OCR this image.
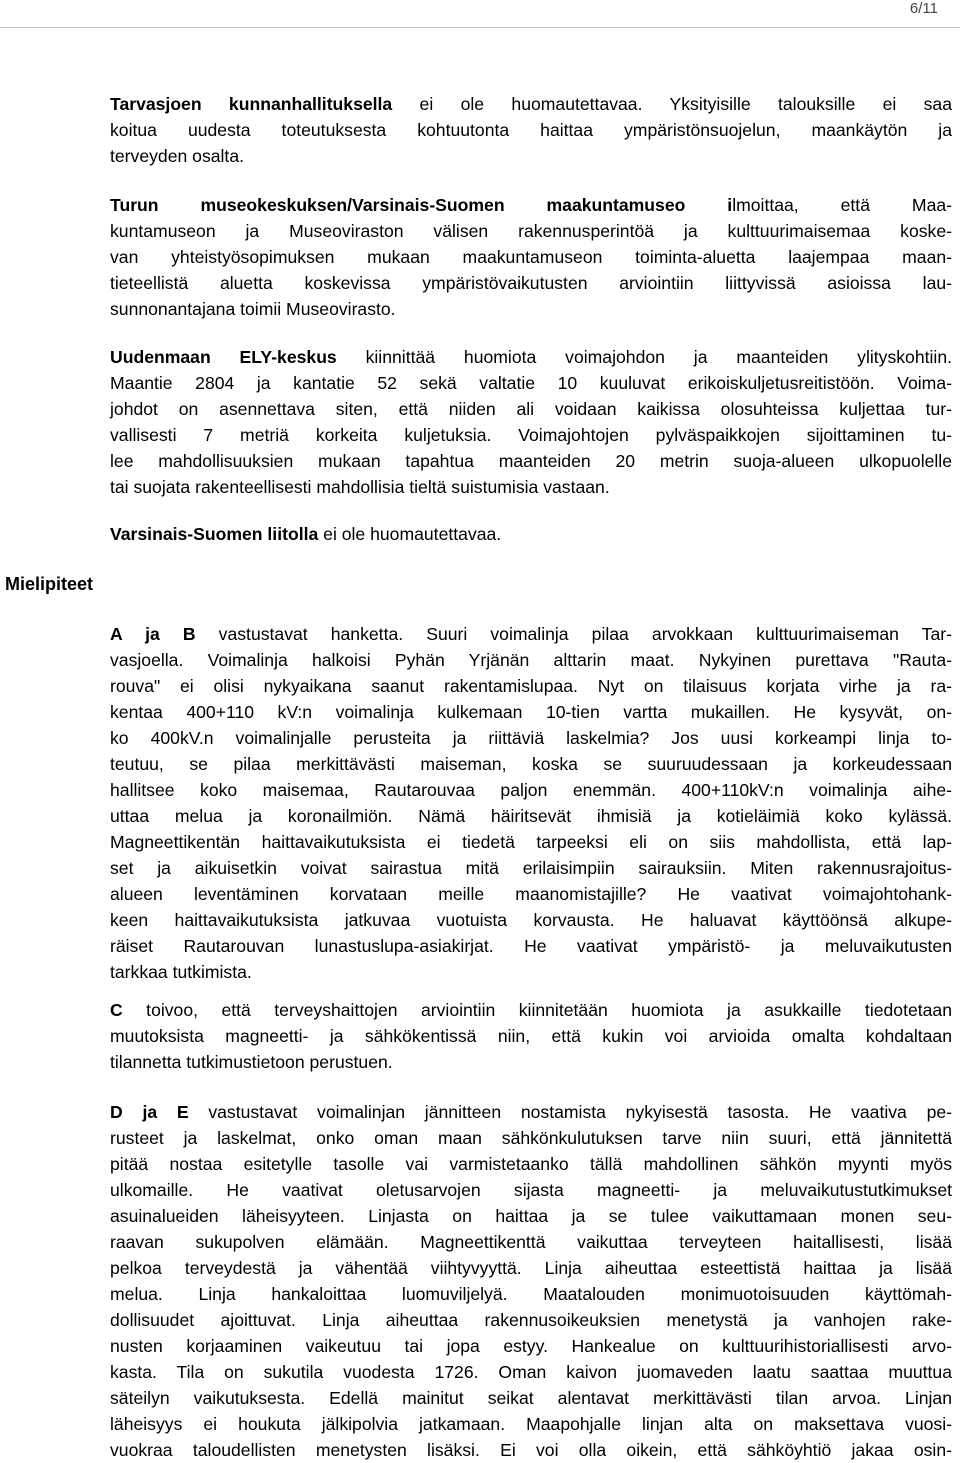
6/11
Mielipiteet
Tarvasjoen kunnanhallituksella ei ole huomautettavaa. Yksityisille talouksille ei saa
koitua uudesta toteutuksesta kohtuutonta haittaa ympäristönsuojelun, maankäytön ja
terveyden osalta.
Turun museokeskuksen/Varsinais-Suomen maakuntamuseo ilmoittaa, että Maa-
kuntamuseon ja Museoviraston välisen rakennusperintöä ja kulttuurimaisemaa koske-
van yhteistyösopimuksen mukaan maakuntamuseon toiminta-aluetta laajempaa maan-
tieteellistä aluetta koskevissa ympäristövaikutusten arviointiin liittyvissä asioissa lau-
sunnonantajana toimii Museovirasto.
Uudenmaan ELY-keskus kiinnittää huomiota voimajohdon ja maanteiden ylityskohtiin.
Maantie 2804 ja kantatie 52 sekä valtatie 10 kuuluvat erikoiskuljetusreitistöön. Voima-
johdot on asennettava siten, että niiden ali voidaan kaikissa olosuhteissa kuljettaa tur-
vallisesti 7 metriä korkeita kuljetuksia. Voimajohtojen pylväspaikkojen sijoittaminen tu-
lee mahdollisuuksien mukaan tapahtua maanteiden 20 metrin suoja-alueen ulkopuolelle
tai suojata rakenteellisesti mahdollisia tieltä suistumisia vastaan.
Varsinais-Suomen liitolla ei ole huomautettavaa.
A ja B vastustavat hanketta. Suuri voimalinja pilaa arvokkaan kulttuurimaiseman Tar-
vasjoella. Voimalinja halkoisi Pyhän Yrjänän alttarin maat. Nykyinen purettava "Rauta-
rouva" ei olisi nykyaikana saanut rakentamislupaa. Nyt on tilaisuus korjata virhe ja ra-
kentaa 400+110 kV:n voimalinja kulkemaan 10-tien vartta mukaillen. He kysyvät, on-
ko 400kV.n voimalinjalle perusteita ja riittäviä laskelmia? Jos uusi korkeampi linja to-
teutuu, se pilaa merkittävästi maiseman, koska se suuruudessaan ja korkeudessaan
hallitsee koko maisemaa, Rautarouvaa paljon enemmän. 400+110kV:n voimalinja aihe-
uttaa melua ja koronailmiön. Nämä häiritsevät ihmisiä ja kotieläimiä koko kylässä.
Magneettikentän haittavaikutuksista ei tiedetä tarpeeksi eli on siis mahdollista, että lap-
set ja aikuisetkin voivat sairastua mitä erilaisimpiin sairauksiin. Miten rakennusrajoitus-
alueen leventäminen korvataan meille maanomistajille? He vaativat voimajohtohank-
keen haittavaikutuksista jatkuvaa vuotuista korvausta. He haluavat käyttöönsä alkupe-
räiset Rautarouvan lunastuslupa-asiakirjat. He vaativat ympäristö- ja meluvaikutusten
tarkkaa tutkimista.
C toivoo, että terveyshaittojen arviointiin kiinnitetään huomiota ja asukkaille tiedotetaan
muutoksista magneetti- ja sähkökentissä niin, että kukin voi arvioida omalta kohdaltaan
tilannetta tutkimustietoon perustuen.
D ja E vastustavat voimalinjan jännitteen nostamista nykyisestä tasosta. He vaativa pe-
rusteet ja laskelmat, onko oman maan sähkönkulutuksen tarve niin suuri, että jännitettä
pitää nostaa esitetylle tasolle vai varmistetaanko tällä mahdollinen sähkön myynti myös
ulkomaille. He vaativat oletusarvojen sijasta magneetti- ja meluvaikutustutkimukset
asuinalueiden läheisyyteen. Linjasta on haittaa ja se tulee vaikuttamaan monen seu-
raavan sukupolven elämään. Magneettikenttä vaikuttaa terveyteen haitallisesti, lisää
pelkoa terveydestä ja vähentää viihtyvyyttä. Linja aiheuttaa esteettistä haittaa ja lisää
melua. Linja hankaloittaa luomuviljelyä. Maatalouden monimuotoisuuden käyttömah-
dollisuudet ajoittuvat. Linja aiheuttaa rakennusoikeuksien menetystä ja vanhojen rake-
nusten korjaaminen vaikeutuu tai jopa estyy. Hankealue on kulttuurihistoriallisesti arvo-
kasta. Tila on sukutila vuodesta 1726. Oman kaivon juomaveden laatu saattaa muuttua
säteilyn vaikutuksesta. Edellä mainitut seikat alentavat merkittävästi tilan arvoa. Linjan
läheisyys ei houkuta jälkipolvia jatkamaan. Maapohjalle linjan alta on maksettava vuosi-
vuokraa taloudellisten menetysten lisäksi. Ei voi olla oikein, että sähköyhtiö jakaa osin-
